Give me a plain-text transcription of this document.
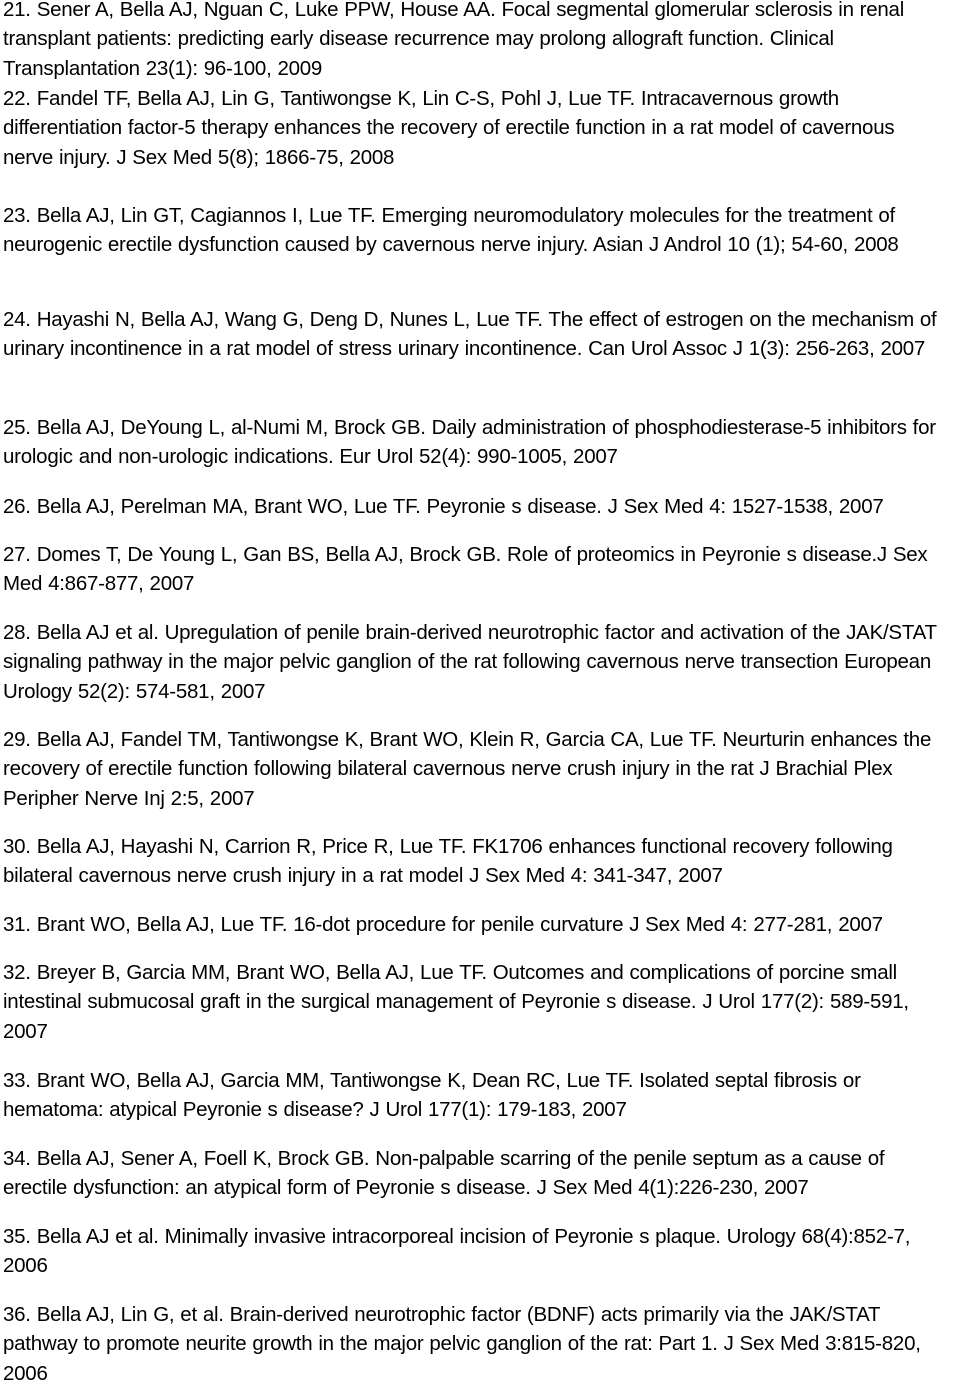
21. Sener A, Bella AJ, Nguan C, Luke PPW, House AA. Focal segmental glomerular sclerosis in renal transplant patients: predicting early disease recurrence may prolong allograft function. Clinical Transplantation 23(1): 96-100, 2009

22. Fandel TF, Bella AJ, Lin G, Tantiwongse K, Lin C-S, Pohl J, Lue TF. Intracavernous growth differentiation factor-5 therapy enhances the recovery of erectile function in a rat model of cavernous nerve injury. J Sex Med 5(8); 1866-75, 2008

23. Bella AJ, Lin GT, Cagiannos I, Lue TF. Emerging neuromodulatory molecules for the treatment of neurogenic erectile dysfunction caused by cavernous nerve injury. Asian J Androl 10 (1); 54-60, 2008

24. Hayashi N, Bella AJ, Wang G, Deng D, Nunes L, Lue TF. The effect of estrogen on the mechanism of urinary incontinence in a rat model of stress urinary incontinence. Can Urol Assoc J 1(3): 256-263, 2007

25. Bella AJ, DeYoung L, al-Numi M, Brock GB. Daily administration of phosphodiesterase-5 inhibitors for urologic and non-urologic indications. Eur Urol 52(4): 990-1005, 2007

26. Bella AJ, Perelman MA, Brant WO, Lue TF. Peyronie s disease. J Sex Med 4: 1527-1538, 2007

27. Domes T, De Young L, Gan BS, Bella AJ, Brock GB. Role of proteomics in Peyronie s disease.J Sex Med 4:867-877, 2007

28. Bella AJ et al. Upregulation of penile brain-derived neurotrophic factor and activation of the JAK/STAT signaling pathway in the major pelvic ganglion of the rat following cavernous nerve transection European Urology 52(2): 574-581, 2007

29. Bella AJ, Fandel TM, Tantiwongse K, Brant WO, Klein R, Garcia CA, Lue TF. Neurturin enhances the recovery of erectile function following bilateral cavernous nerve crush injury in the rat J Brachial Plex Peripher Nerve Inj 2:5, 2007

30. Bella AJ, Hayashi N, Carrion R, Price R, Lue TF. FK1706 enhances functional recovery following bilateral cavernous nerve crush injury in a rat model J Sex Med 4: 341-347, 2007

31. Brant WO, Bella AJ, Lue TF. 16-dot procedure for penile curvature J Sex Med 4: 277-281, 2007

32. Breyer B, Garcia MM, Brant WO, Bella AJ, Lue TF. Outcomes and complications of porcine small intestinal submucosal graft in the surgical management of Peyronie s disease. J Urol 177(2): 589-591, 2007

33. Brant WO, Bella AJ, Garcia MM, Tantiwongse K, Dean RC, Lue TF. Isolated septal fibrosis or hematoma: atypical Peyronie s disease? J Urol 177(1): 179-183, 2007

34. Bella AJ, Sener A, Foell K, Brock GB. Non-palpable scarring of the penile septum as a cause of erectile dysfunction: an atypical form of Peyronie s disease. J Sex Med 4(1):226-230, 2007

35. Bella AJ et al. Minimally invasive intracorporeal incision of Peyronie s plaque. Urology 68(4):852-7, 2006

36. Bella AJ, Lin G, et al. Brain-derived neurotrophic factor (BDNF) acts primarily via the JAK/STAT pathway to promote neurite growth in the major pelvic ganglion of the rat: Part 1. J Sex Med 3:815-820, 2006
